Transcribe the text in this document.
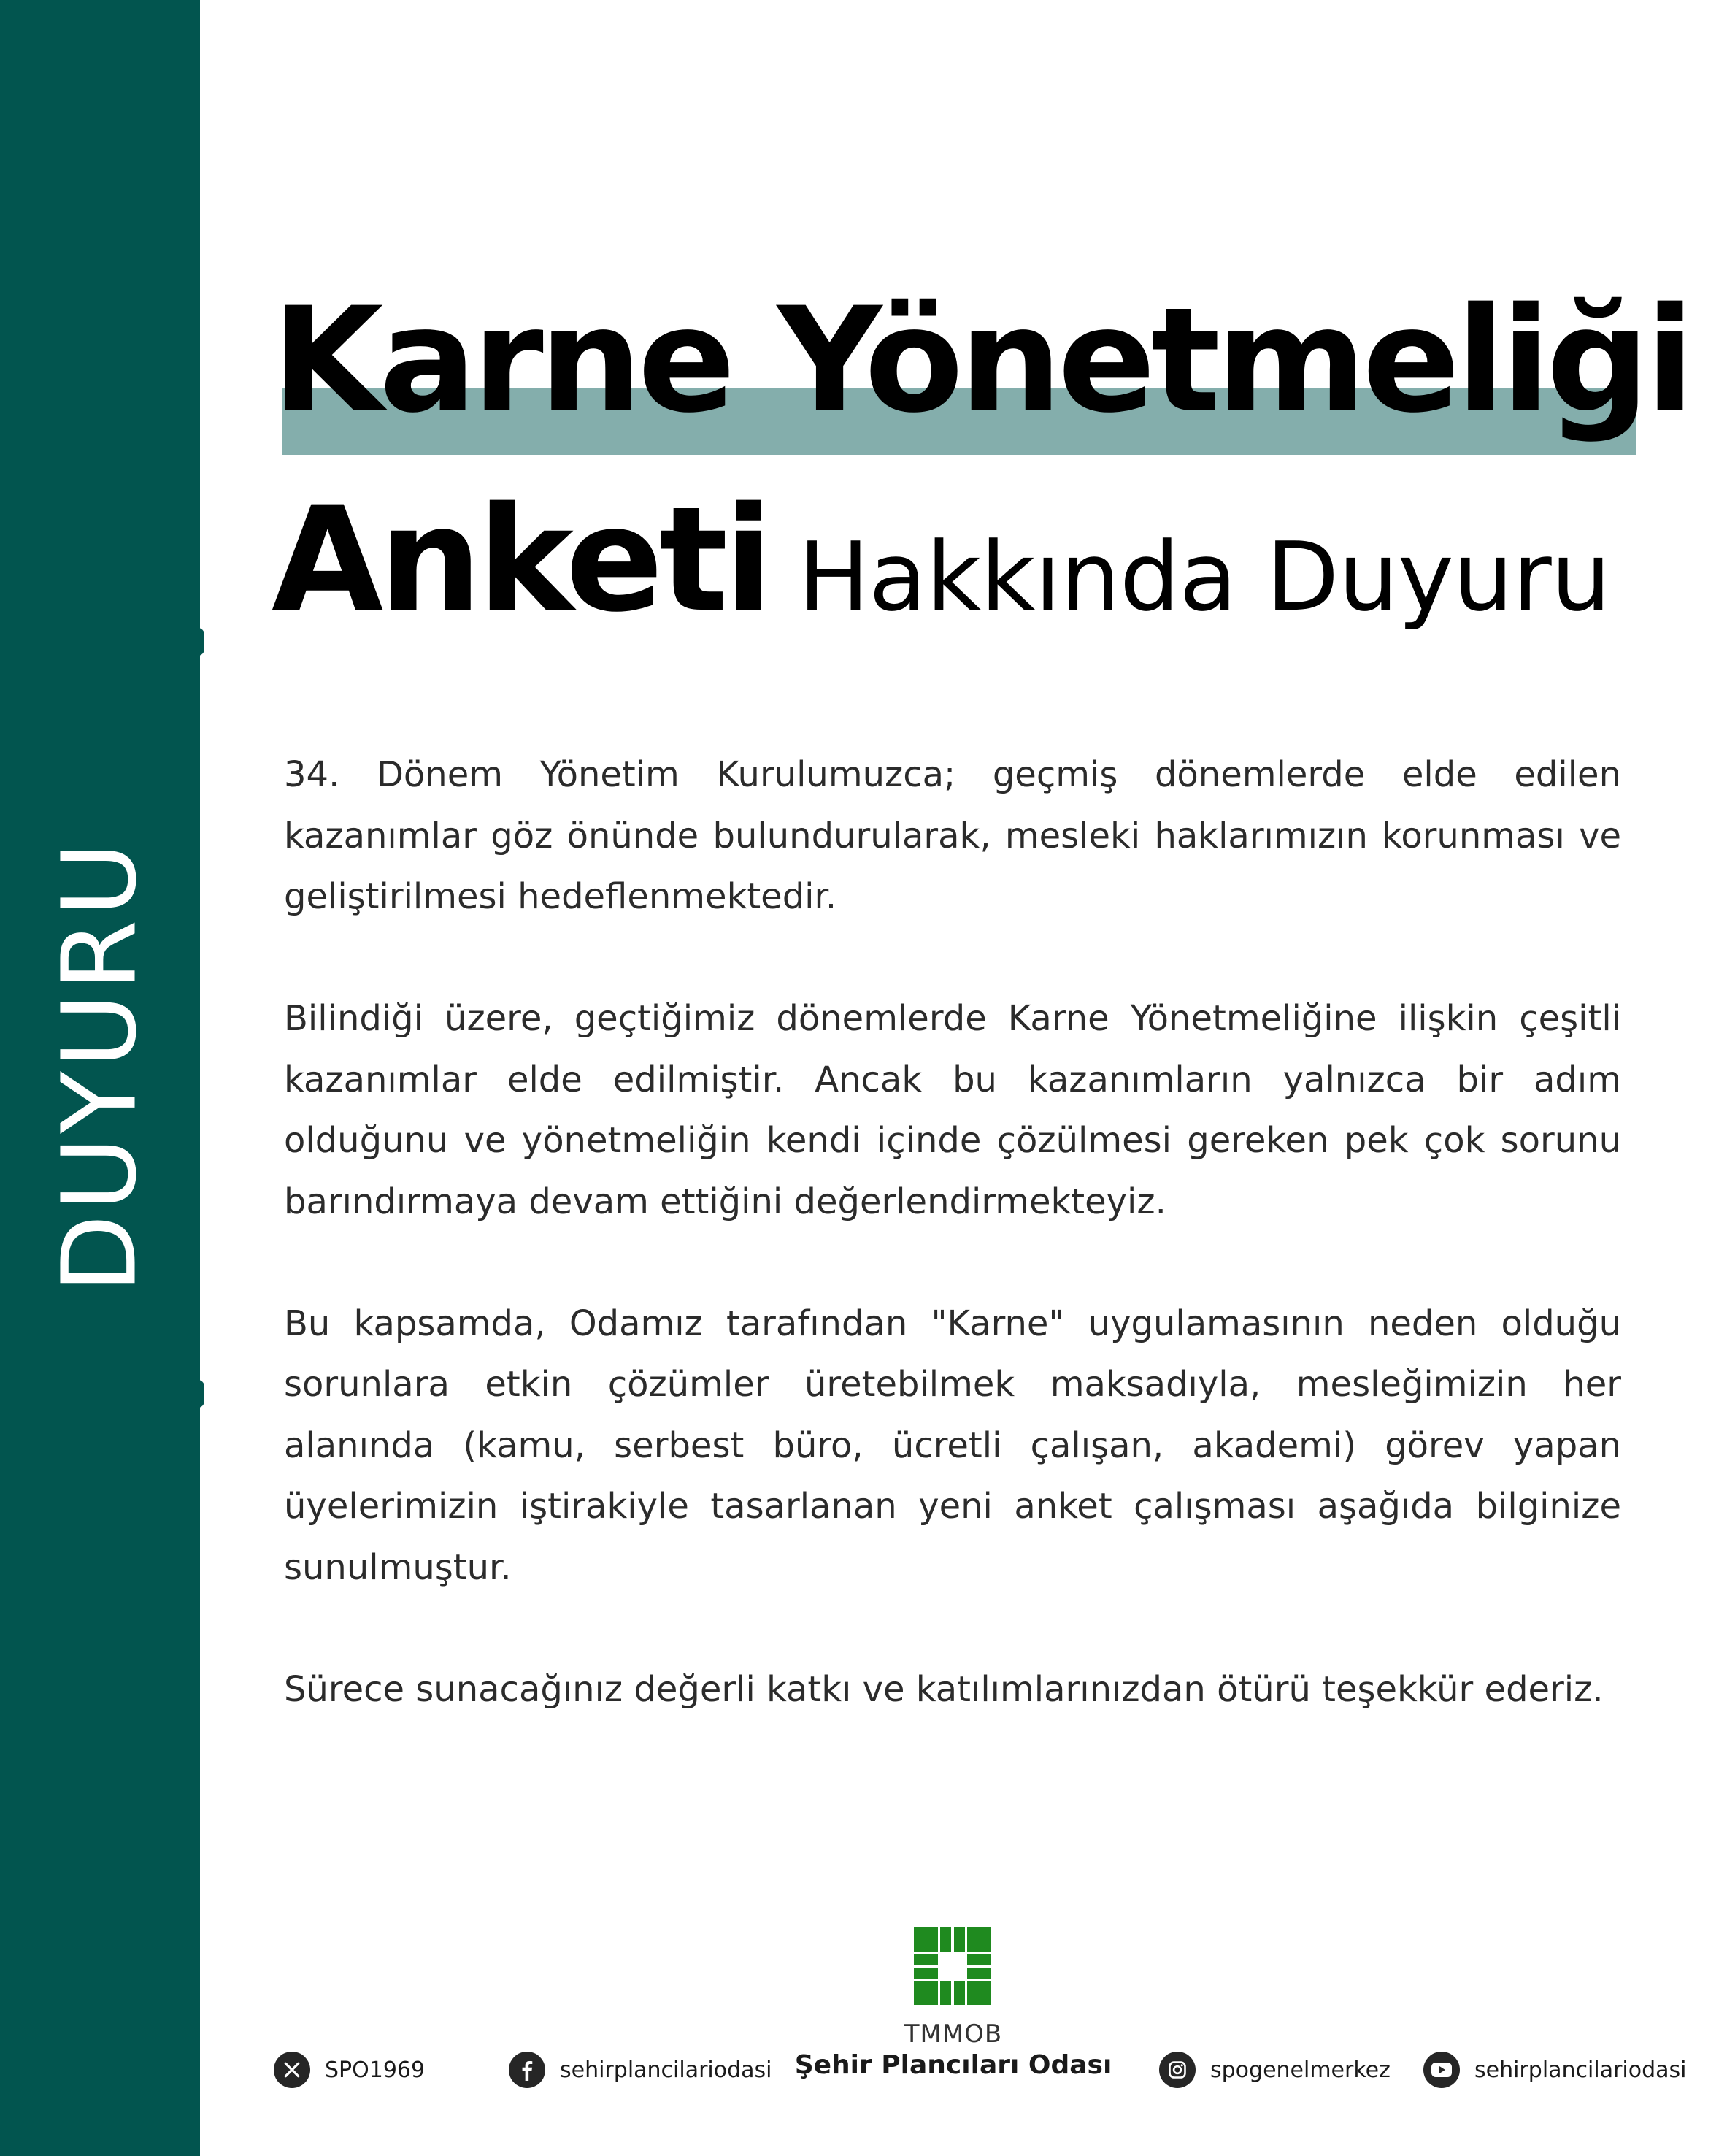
DUYURU
Karne Yönetmeliği
Anketi Hakkında Duyuru

34. Dönem Yönetim Kurulumuzca; geçmiş dönemlerde elde edilen kazanımlar göz önünde bulundurularak, mesleki haklarımızın korunması ve geliştirilmesi hedeflenmektedir.

Bilindiği üzere, geçtiğimiz dönemlerde Karne Yönetmeliğine ilişkin çeşitli kazanımlar elde edilmiştir. Ancak bu kazanımların yalnızca bir adım olduğunu ve yönetmeliğin kendi içinde çözülmesi gereken pek çok sorunu barındırmaya devam ettiğini değerlendirmekteyiz.

Bu kapsamda, Odamız tarafından "Karne" uygulamasının neden olduğu sorunlara etkin çözümler üretebilmek maksadıyla, mesleğimizin her alanında (kamu, serbest büro, ücretli çalışan, akademi) görev yapan üyelerimizin iştirakiyle tasarlanan yeni anket çalışması aşağıda bilginize sunulmuştur.

Sürece sunacağınız değerli katkı ve katılımlarınızdan ötürü teşekkür ederiz.

SPO1969	sehirplancilariodasi
TMMOB
Şehir Plancıları Odası	spogenelmerkez	sehirplancilariodasi
